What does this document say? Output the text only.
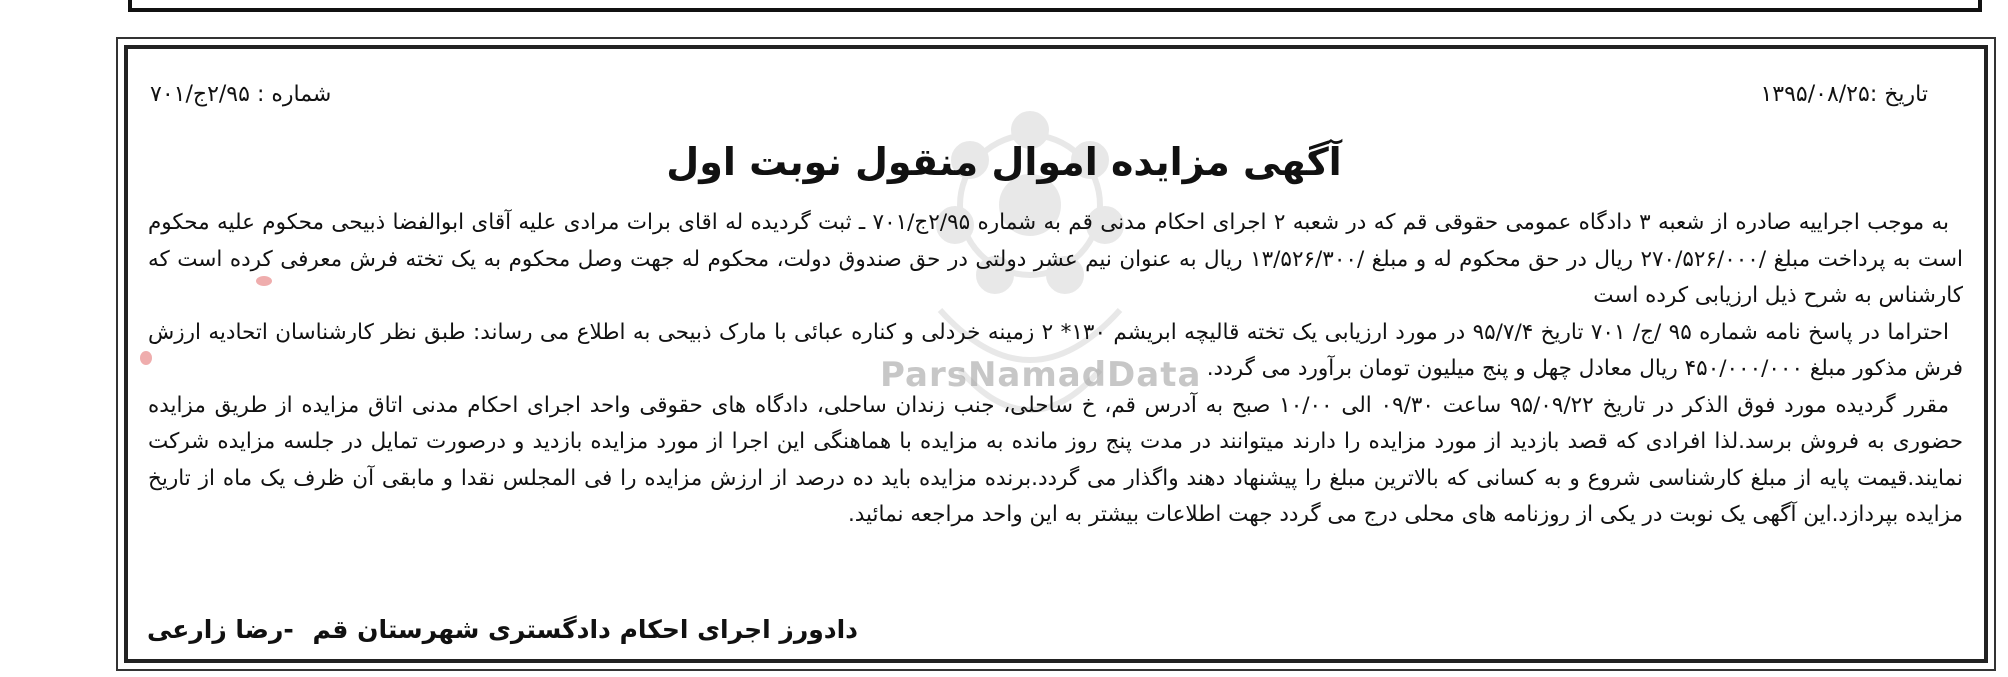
ParsNamadData
تاریخ :۱۳۹۵/۰۸/۲۵
شماره : ۲/۹۵ج/۷۰۱
آگهی مزایده اموال منقول نوبت اول

به موجب اجراییه صادره از شعبه ۳ دادگاه عمومی حقوقی قم که در شعبه ۲ اجرای احکام مدنی قم به شماره ۲/۹۵ج/۷۰۱ ـ ثبت گردیده له اقای برات مرادی علیه آقای ابوالفضا ذبیحی محکوم علیه محکوم است به پرداخت مبلغ /۲۷۰/۵۲۶/۰۰۰ ریال در حق محکوم له و مبلغ /۱۳/۵۲۶/۳۰۰ ریال به عنوان نیم عشر دولتی در حق صندوق دولت، محکوم له جهت وصل محکوم به یک تخته فرش معرفی کرده است که کارشناس به شرح ذیل ارزیابی کرده است

احتراما در پاسخ نامه شماره ۹۵ /ج/ ۷۰۱ تاریخ ۹۵/۷/۴ در مورد ارزیابی یک تخته قالیچه ابریشم ۱۳۰* ۲ زمینه خردلی و کناره عبائی با مارک ذبیحی به اطلاع می رساند: طبق نظر کارشناسان اتحادیه ارزش فرش مذکور مبلغ ۴۵۰/۰۰۰/۰۰۰ ریال معادل چهل و پنج میلیون تومان برآورد می گردد.

مقرر گردیده مورد فوق الذکر در تاریخ ۹۵/۰۹/۲۲ ساعت ۰۹/۳۰ الی ۱۰/۰۰ صبح به آدرس قم، خ ساحلی، جنب زندان ساحلی، دادگاه های حقوقی واحد اجرای احکام مدنی اتاق مزایده از طریق مزایده حضوری به فروش برسد.لذا افرادی که قصد بازدید از مورد مزایده را دارند میتوانند در مدت پنج روز مانده به مزایده با هماهنگی این اجرا از مورد مزایده بازدید و درصورت تمایل در جلسه مزایده شرکت نمایند.قیمت پایه از مبلغ کارشناسی شروع و به کسانی که بالاترین مبلغ را پیشنهاد دهند واگذار می گردد.برنده مزایده باید ده درصد از ارزش مزایده را فی المجلس نقدا و مابقی آن ظرف یک ماه از تاریخ مزایده بپردازد.این آگهی یک نوبت در یکی از روزنامه های محلی درج می گردد جهت اطلاعات بیشتر به این واحد مراجعه نمائید.

دادورز اجرای احکام دادگستری شهرستان قم -رضا زارعی
